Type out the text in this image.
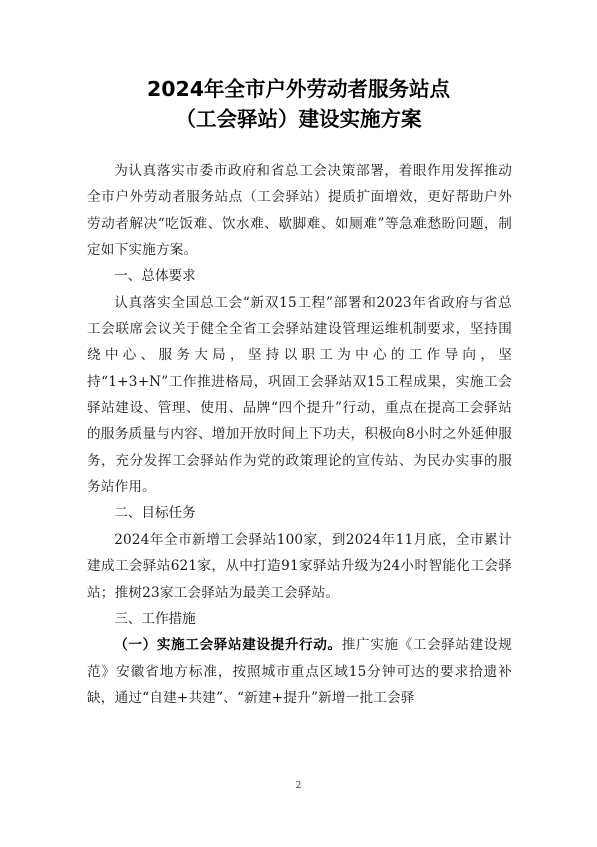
2024年全市户外劳动者服务站点
（工会驿站）建设实施方案

为认真落实市委市政府和省总工会决策部署，着眼作用发挥推动全市户外劳动者服务站点（工会驿站）提质扩面增效，更好帮助户外劳动者解决“吃饭难、饮水难、歇脚难、如厕难”等急难愁盼问题，制定如下实施方案。

一、总体要求

认真落实全国总工会“新双15工程”部署和2023年省政府与省总工会联席会议关于健全全省工会驿站建设管理运维机制要求，坚持围绕中心、服务大局，坚持以职工为中心的工作导向，坚持“1+3+N”工作推进格局，巩固工会驿站双15工程成果，实施工会驿站建设、管理、使用、品牌“四个提升”行动，重点在提高工会驿站的服务质量与内容、增加开放时间上下功夫，积极向8小时之外延伸服务，充分发挥工会驿站作为党的政策理论的宣传站、为民办实事的服务站作用。

二、目标任务

2024年全市新增工会驿站100家，到2024年11月底，全市累计建成工会驿站621家，从中打造91家驿站升级为24小时智能化工会驿站；推树23家工会驿站为最美工会驿站。

三、工作措施

（一）实施工会驿站建设提升行动。推广实施《工会驿站建设规范》安徽省地方标准，按照城市重点区域15分钟可达的要求拾遗补缺，通过“自建+共建”、“新建+提升”新增一批工会驿

2
